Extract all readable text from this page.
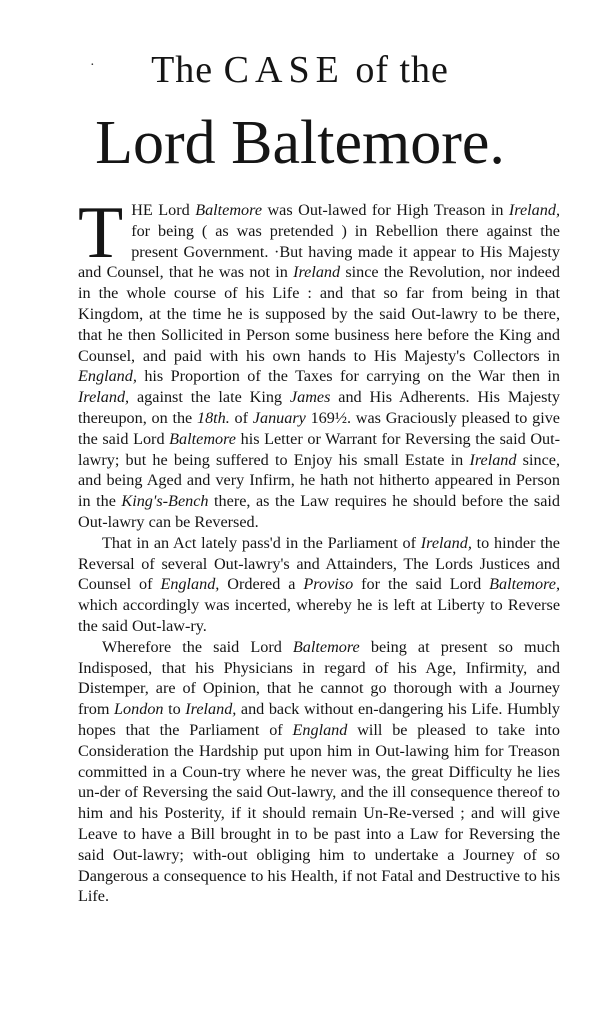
·	The CASE of the
Lord Baltemore.

THE Lord Baltemore was Out-lawed for High Treason in Ireland, for being ( as was pretended ) in Rebellion there against the present Government. ·But having made it appear to His Majesty and Counsel, that he was not in Ireland since the Revolution, nor indeed in the whole course of his Life : and that so far from being in that Kingdom, at the time he is supposed by the said Out-lawry to be there, that he then Sollicited in Person some business here before the King and Counsel, and paid with his own hands to His Majesty's Collectors in England, his Proportion of the Taxes for carrying on the War then in Ireland, against the late King James and His Adherents. His Majesty thereupon, on the 18th. of January 169½. was Graciously pleased to give the said Lord Baltemore his Letter or Warrant for Reversing the said Out-lawry; but he being suffered to Enjoy his small Estate in Ireland since, and being Aged and very Infirm, he hath not hitherto appeared in Person in the King's-Bench there, as the Law requires he should before the said Out-lawry can be Reversed.

That in an Act lately pass'd in the Parliament of Ireland, to hinder the Reversal of several Out-lawry's and Attainders, The Lords Justices and Counsel of England, Ordered a Proviso for the said Lord Baltemore, which accordingly was incerted, whereby he is left at Liberty to Reverse the said Out-law-ry.

Wherefore the said Lord Baltemore being at present so much Indisposed, that his Physicians in regard of his Age, Infirmity, and Distemper, are of Opinion, that he cannot go thorough with a Journey from London to Ireland, and back without en-dangering his Life. Humbly hopes that the Parliament of England will be pleased to take into Consideration the Hardship put upon him in Out-lawing him for Treason committed in a Coun-try where he never was, the great Difficulty he lies un-der of Reversing the said Out-lawry, and the ill consequence thereof to him and his Posterity, if it should remain Un-Re-versed ; and will give Leave to have a Bill brought in to be past into a Law for Reversing the said Out-lawry; with-out obliging him to undertake a Journey of so Dangerous a consequence to his Health, if not Fatal and Destructive to his Life.
